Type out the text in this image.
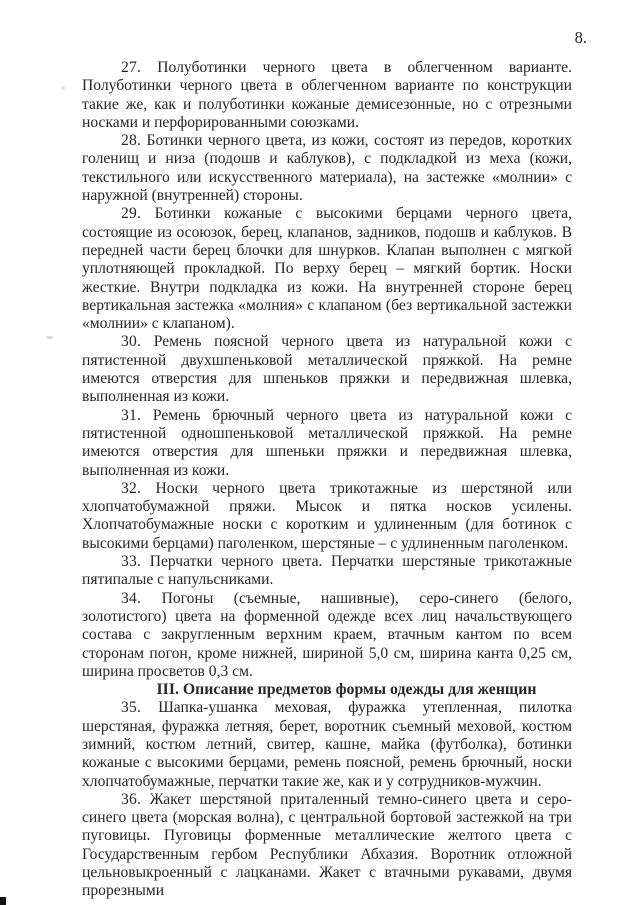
8.

27. Полуботинки черного цвета в облегченном варианте. Полуботинки черного цвета в облегченном варианте по конструкции такие же, как и полуботинки кожаные демисезонные, но с отрезными носками и перфорированными союзками.

28. Ботинки черного цвета, из кожи, состоят из передов, коротких голенищ и низа (подошв и каблуков), с подкладкой из меха (кожи, текстильного или искусственного материала), на застежке «молнии» с наружной (внутренней) стороны.

29. Ботинки кожаные с высокими берцами черного цвета, состоящие из осоюзок, берец, клапанов, задников, подошв и каблуков. В передней части берец блочки для шнурков. Клапан выполнен с мягкой уплотняющей прокладкой. По верху берец – мягкий бортик. Носки жесткие. Внутри подкладка из кожи. На внутренней стороне берец вертикальная застежка «молния» с клапаном (без вертикальной застежки «молнии» с клапаном).

30. Ремень поясной черного цвета из натуральной кожи с пятистенной двухшпеньковой металлической пряжкой. На ремне имеются отверстия для шпеньков пряжки и передвижная шлевка, выполненная из кожи.

31. Ремень брючный черного цвета из натуральной кожи с пятистенной одношпеньковой металлической пряжкой. На ремне имеются отверстия для шпеньки пряжки и передвижная шлевка, выполненная из кожи.

32. Носки черного цвета трикотажные из шерстяной или хлопчатобумажной пряжи. Мысок и пятка носков усилены. Хлопчатобумажные носки с коротким и удлиненным (для ботинок с высокими берцами) паголенком, шерстяные – с удлиненным паголенком.

33. Перчатки черного цвета. Перчатки шерстяные трикотажные пятипалые с напульсниками.

34. Погоны (съемные, нашивные), серо-синего (белого, золотистого) цвета на форменной одежде всех лиц начальствующего состава с закругленным верхним краем, втачным кантом по всем сторонам погон, кроме нижней, шириной 5,0 см, ширина канта 0,25 см, ширина просветов 0,3 см.

III. Описание предметов формы одежды для женщин

35. Шапка-ушанка меховая, фуражка утепленная, пилотка шерстяная, фуражка летняя, берет, воротник съемный меховой, костюм зимний, костюм летний, свитер, кашне, майка (футболка), ботинки кожаные с высокими берцами, ремень поясной, ремень брючный, носки хлопчатобумажные, перчатки такие же, как и у сотрудников-мужчин.

36. Жакет шерстяной приталенный темно-синего цвета и серо-синего цвета (морская волна), с центральной бортовой застежкой на три пуговицы. Пуговицы форменные металлические желтого цвета с Государственным гербом Республики Абхазия. Воротник отложной цельновыкроенный с лацканами. Жакет с втачными рукавами, двумя прорезными
